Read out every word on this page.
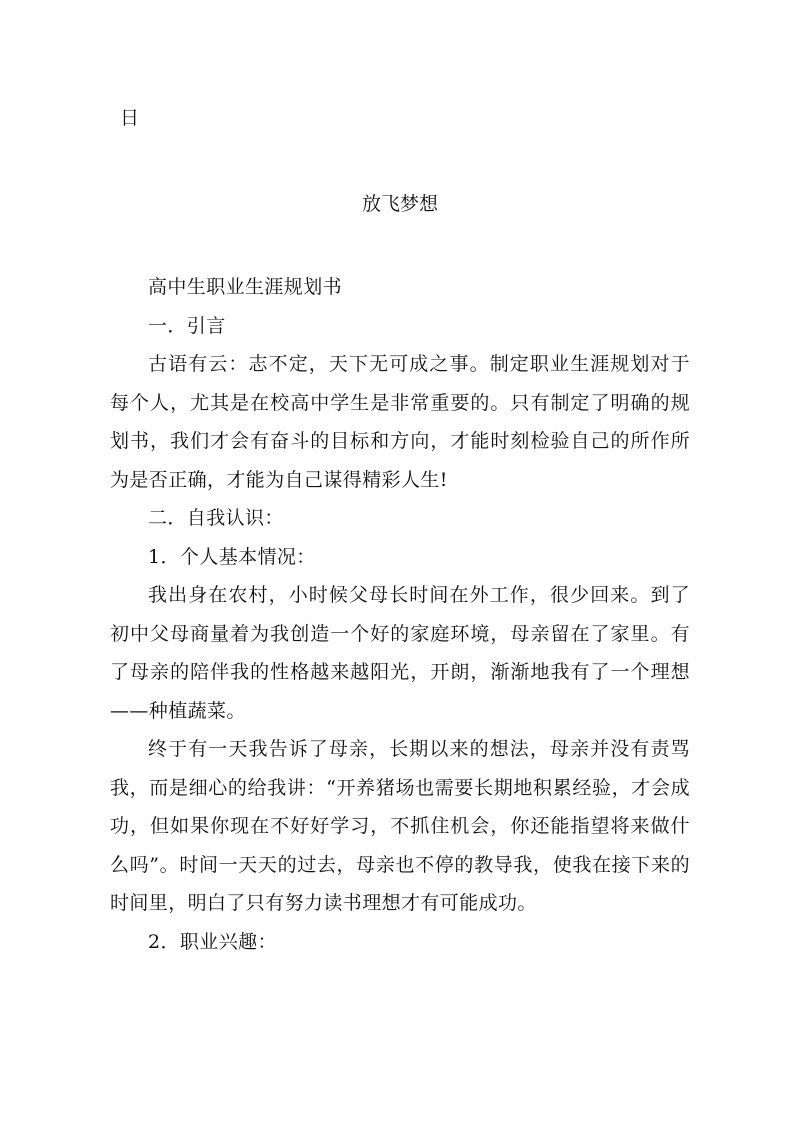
日
放飞梦想

高中生职业生涯规划书

一．引言

古语有云：志不定，天下无可成之事。制定职业生涯规划对于每个人，尤其是在校高中学生是非常重要的。只有制定了明确的规划书，我们才会有奋斗的目标和方向，才能时刻检验自己的所作所为是否正确，才能为自己谋得精彩人生!

二．自我认识：

1．个人基本情况：

我出身在农村，小时候父母长时间在外工作，很少回来。到了初中父母商量着为我创造一个好的家庭环境，母亲留在了家里。有了母亲的陪伴我的性格越来越阳光，开朗，渐渐地我有了一个理想——种植蔬菜。

终于有一天我告诉了母亲，长期以来的想法，母亲并没有责骂我，而是细心的给我讲：“开养猪场也需要长期地积累经验，才会成功，但如果你现在不好好学习，不抓住机会，你还能指望将来做什么吗”。时间一天天的过去，母亲也不停的教导我，使我在接下来的时间里，明白了只有努力读书理想才有可能成功。

2．职业兴趣：
